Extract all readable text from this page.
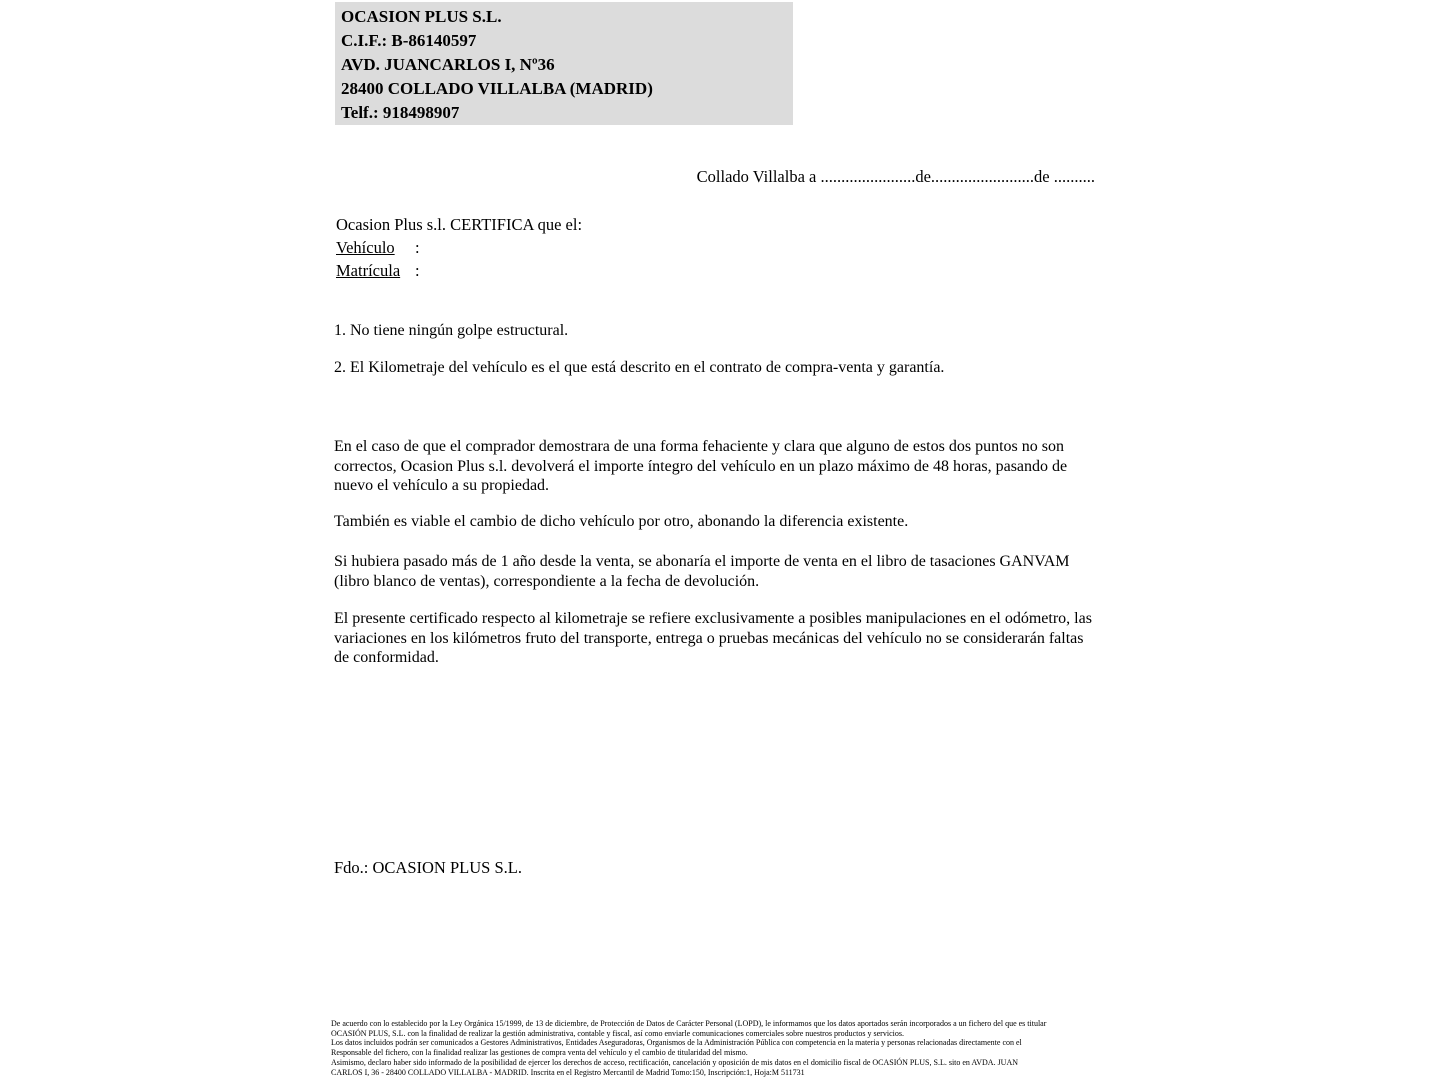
OCASION PLUS S.L.
C.I.F.: B-86140597
AVD. JUANCARLOS I, Nº36
28400 COLLADO VILLALBA (MADRID)
Telf.: 918498907
Collado Villalba a .......................de.........................de ..........
Ocasion Plus s.l. CERTIFICA que el:
Vehículo :
Matrícula :
1. No tiene ningún golpe estructural.
2. El Kilometraje del vehículo es el que está descrito en el contrato de compra-venta y garantía.
En el caso de que el comprador demostrara de una forma fehaciente y clara que alguno de estos dos puntos no son correctos, Ocasion Plus s.l. devolverá el importe íntegro del vehículo en un plazo máximo de 48 horas, pasando de nuevo el vehículo a su propiedad.
También es viable el cambio de dicho vehículo por otro, abonando la diferencia existente.
Si hubiera pasado más de 1 año desde la venta, se abonaría el importe de venta en el libro de tasaciones GANVAM (libro blanco de ventas), correspondiente a la fecha de devolución.
El presente certificado respecto al kilometraje se refiere exclusivamente a posibles manipulaciones en el odómetro, las variaciones en los kilómetros fruto del transporte, entrega o pruebas mecánicas del vehículo no se considerarán faltas de conformidad.
Fdo.: OCASION PLUS S.L.
De acuerdo con lo establecido por la Ley Orgánica 15/1999, de 13 de diciembre, de Protección de Datos de Carácter Personal (LOPD), le informamos que los datos aportados serán incorporados a un fichero del que es titular
OCASIÓN PLUS, S.L. con la finalidad de realizar la gestión administrativa, contable y fiscal, así como enviarle comunicaciones comerciales sobre nuestros productos y servicios.
Los datos incluidos podrán ser comunicados a Gestores Administrativos, Entidades Aseguradoras, Organismos de la Administración Pública con competencia en la materia y personas relacionadas directamente con el
Responsable del fichero, con la finalidad realizar las gestiones de compra venta del vehículo y el cambio de titularidad del mismo.
Asimismo, declaro haber sido informado de la posibilidad de ejercer los derechos de acceso, rectificación, cancelación y oposición de mis datos en el domicilio fiscal de OCASIÓN PLUS, S.L. sito en AVDA. JUAN
CARLOS I, 36 - 28400 COLLADO VILLALBA - MADRID. Inscrita en el Registro Mercantil de Madrid Tomo:150, Inscripción:1, Hoja:M 511731
